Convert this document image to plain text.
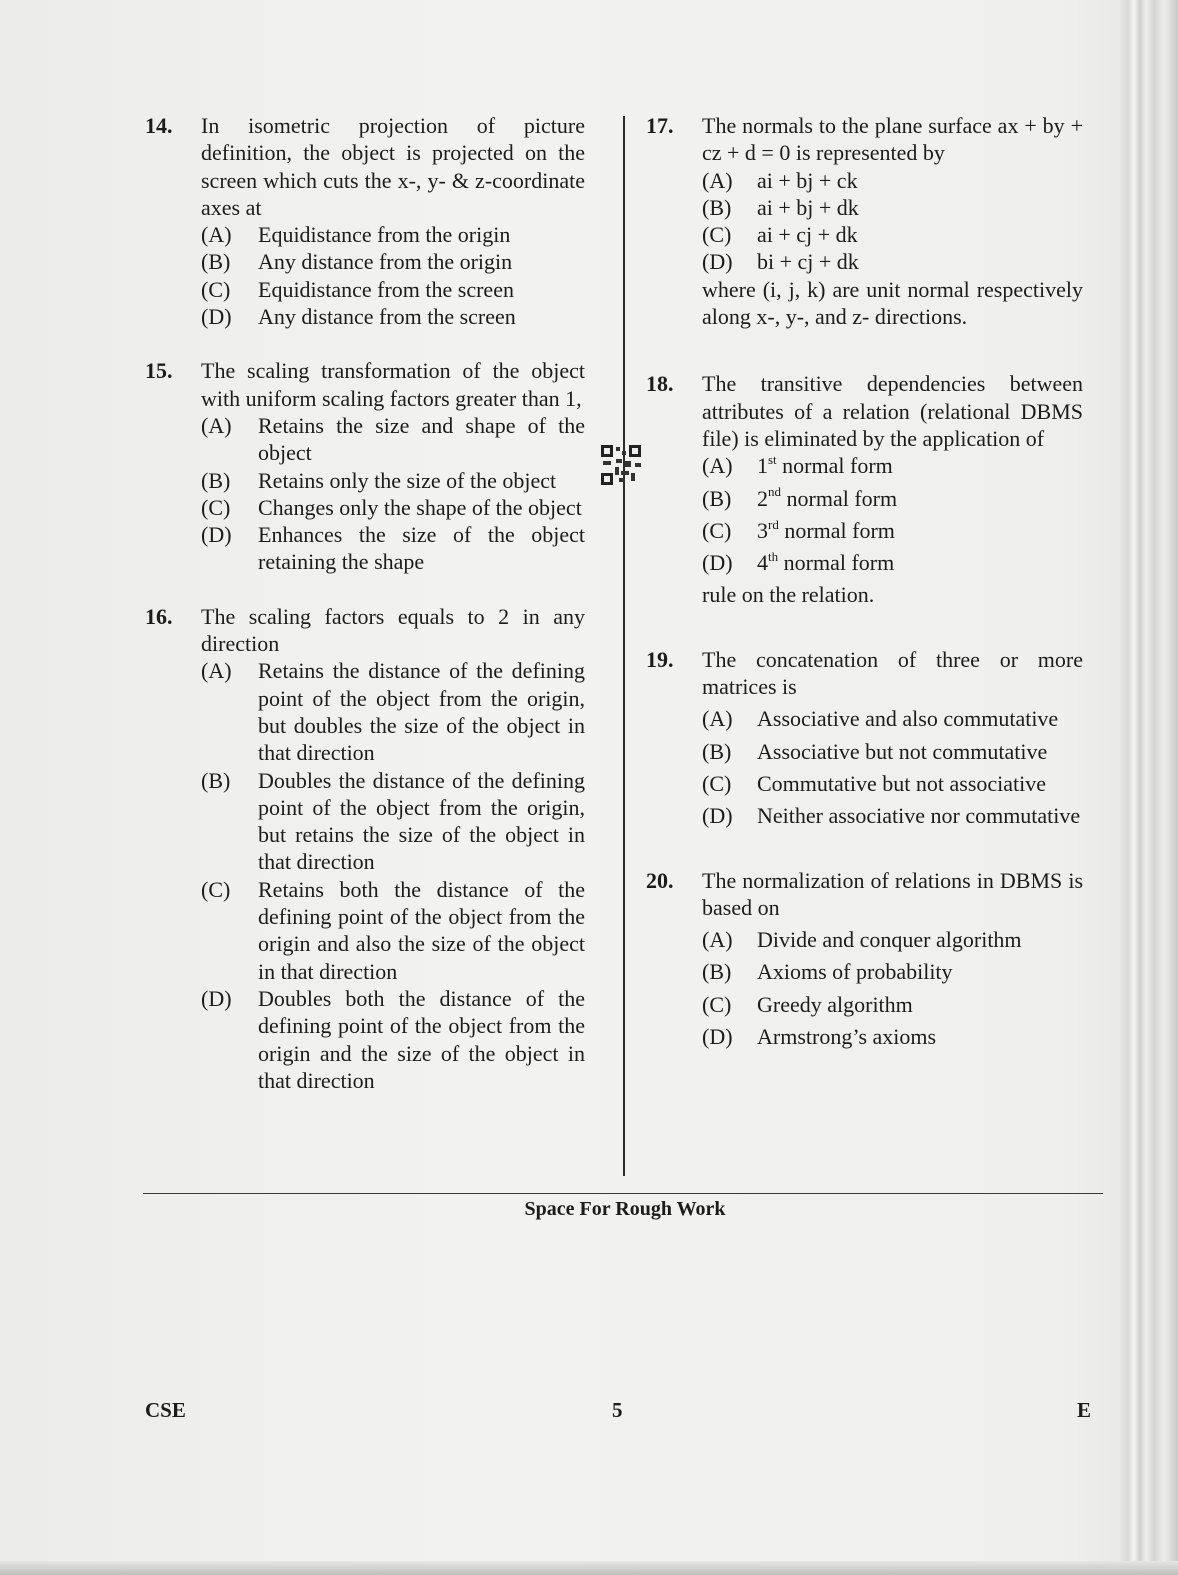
14. In isometric projection of picture definition, the object is projected on the screen which cuts the x-, y- & z-coordinate axes at
(A) Equidistance from the origin
(B) Any distance from the origin
(C) Equidistance from the screen
(D) Any distance from the screen
15. The scaling transformation of the object with uniform scaling factors greater than 1,
(A) Retains the size and shape of the object
(B) Retains only the size of the object
(C) Changes only the shape of the object
(D) Enhances the size of the object retaining the shape
16. The scaling factors equals to 2 in any direction
(A) Retains the distance of the defining point of the object from the origin, but doubles the size of the object in that direction
(B) Doubles the distance of the defining point of the object from the origin, but retains the size of the object in that direction
(C) Retains both the distance of the defining point of the object from the origin and also the size of the object in that direction
(D) Doubles both the distance of the defining point of the object from the origin and the size of the object in that direction
17. The normals to the plane surface ax + by + cz + d = 0 is represented by
(A) ai + bj + ck
(B) ai + bj + dk
(C) ai + cj + dk
(D) bi + cj + dk
where (i, j, k) are unit normal respectively along x-, y-, and z- directions.
18. The transitive dependencies between attributes of a relation (relational DBMS file) is eliminated by the application of
(A) 1st normal form
(B) 2nd normal form
(C) 3rd normal form
(D) 4th normal form
rule on the relation.
19. The concatenation of three or more matrices is
(A) Associative and also commutative
(B) Associative but not commutative
(C) Commutative but not associative
(D) Neither associative nor commutative
20. The normalization of relations in DBMS is based on
(A) Divide and conquer algorithm
(B) Axioms of probability
(C) Greedy algorithm
(D) Armstrong’s axioms
Space For Rough Work
CSE	5	E
